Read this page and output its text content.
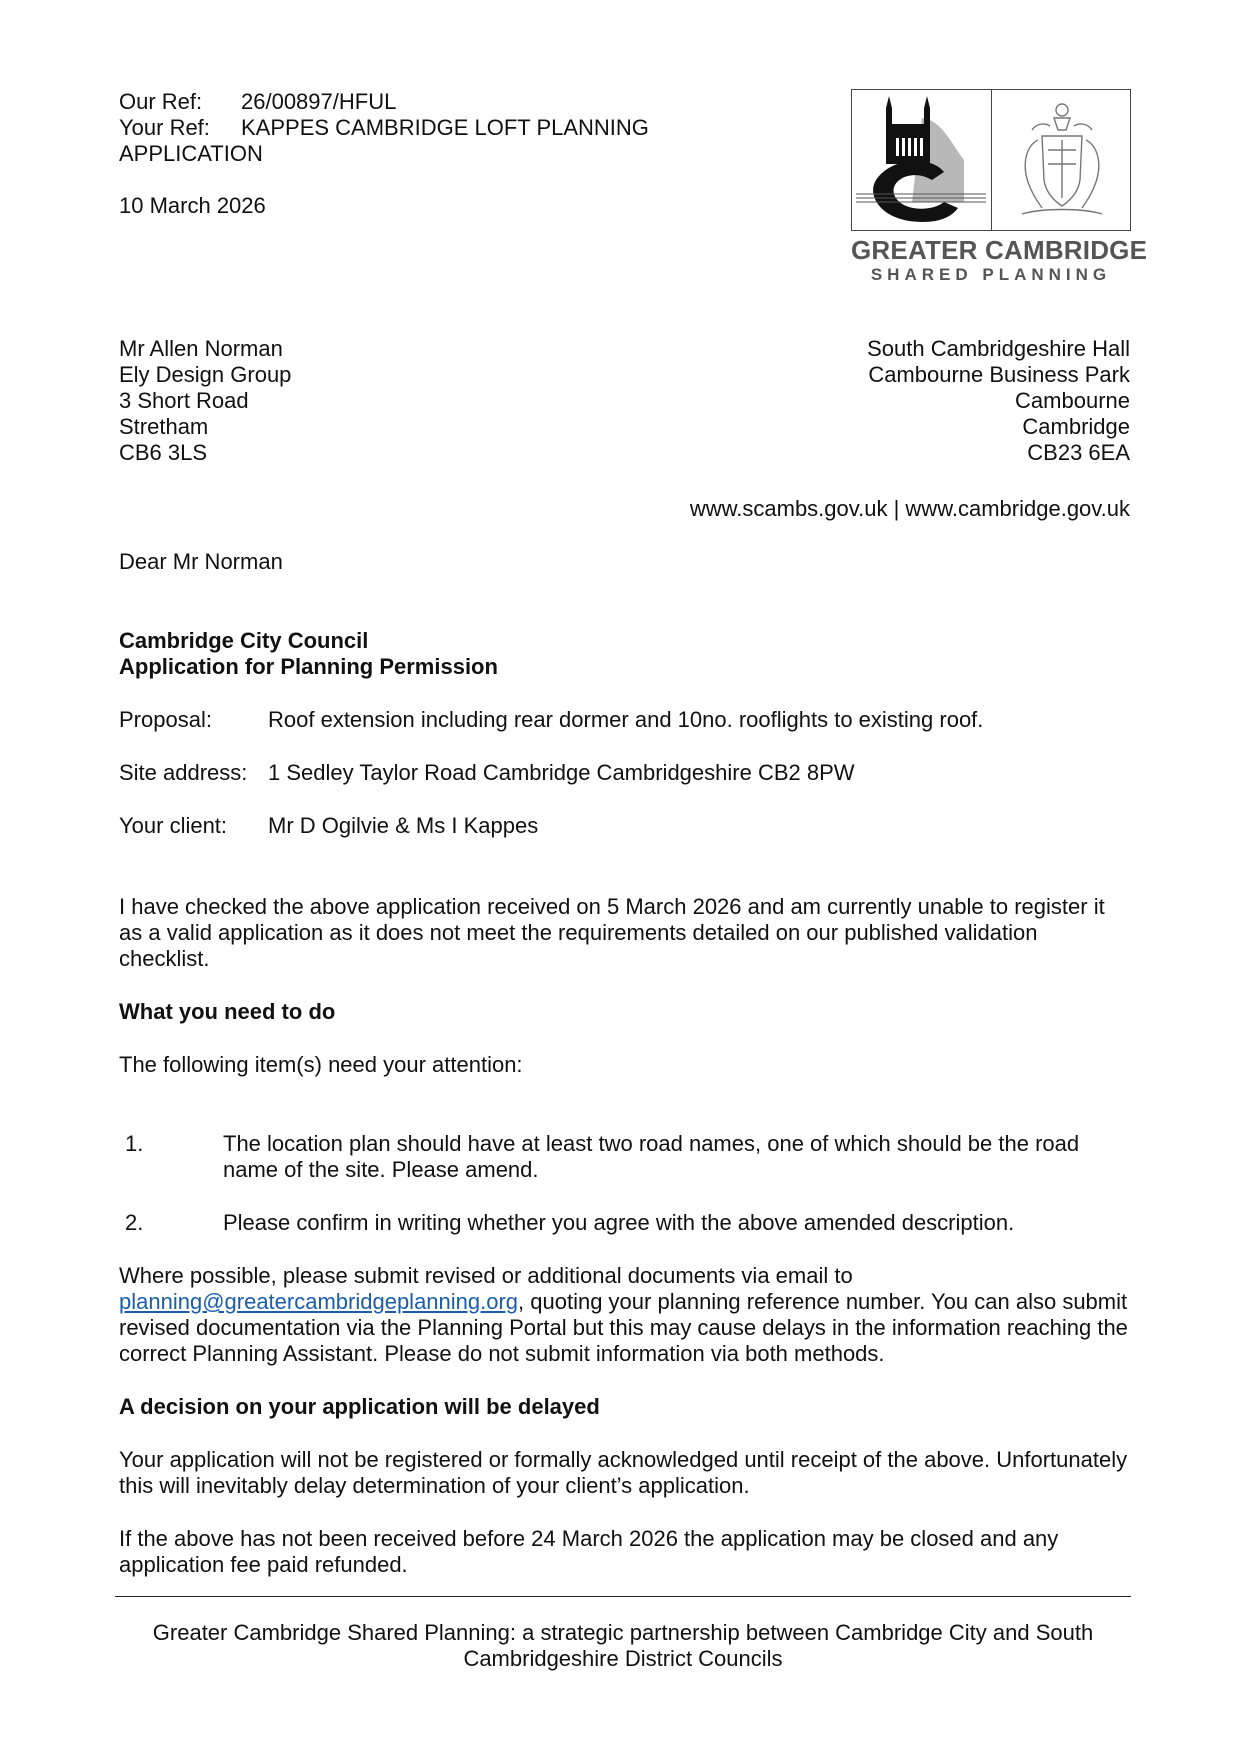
Our Ref:	26/00897/HFUL
Your Ref:	KAPPES CAMBRIDGE LOFT PLANNING
APPLICATION
10 March 2026
GREATER CAMBRIDGE
SHARED PLANNING
Mr Allen Norman
Ely Design Group
3 Short Road
Stretham
CB6 3LS
South Cambridgeshire Hall
Cambourne Business Park
Cambourne
Cambridge
CB23 6EA
www.scambs.gov.uk | www.cambridge.gov.uk
Dear Mr Norman
Cambridge City Council
Application for Planning Permission
Proposal:	Roof extension including rear dormer and 10no. rooflights to existing roof.
Site address: 1 Sedley Taylor Road Cambridge Cambridgeshire CB2 8PW
Your client:	Mr D Ogilvie & Ms I Kappes
I have checked the above application received on 5 March 2026 and am currently unable to register it as a valid application as it does not meet the requirements detailed on our published validation checklist.
What you need to do
The following item(s) need your attention:
1.	The location plan should have at least two road names, one of which should be the road name of the site. Please amend.
2.	Please confirm in writing whether you agree with the above amended description.
Where possible, please submit revised or additional documents via email to
planning@greatercambridgeplanning.org, quoting your planning reference number. You can also submit revised documentation via the Planning Portal but this may cause delays in the information reaching the correct Planning Assistant. Please do not submit information via both methods.
A decision on your application will be delayed
Your application will not be registered or formally acknowledged until receipt of the above. Unfortunately this will inevitably delay determination of your client’s application.
If the above has not been received before 24 March 2026 the application may be closed and any application fee paid refunded.
Greater Cambridge Shared Planning: a strategic partnership between Cambridge City and South
Cambridgeshire District Councils
